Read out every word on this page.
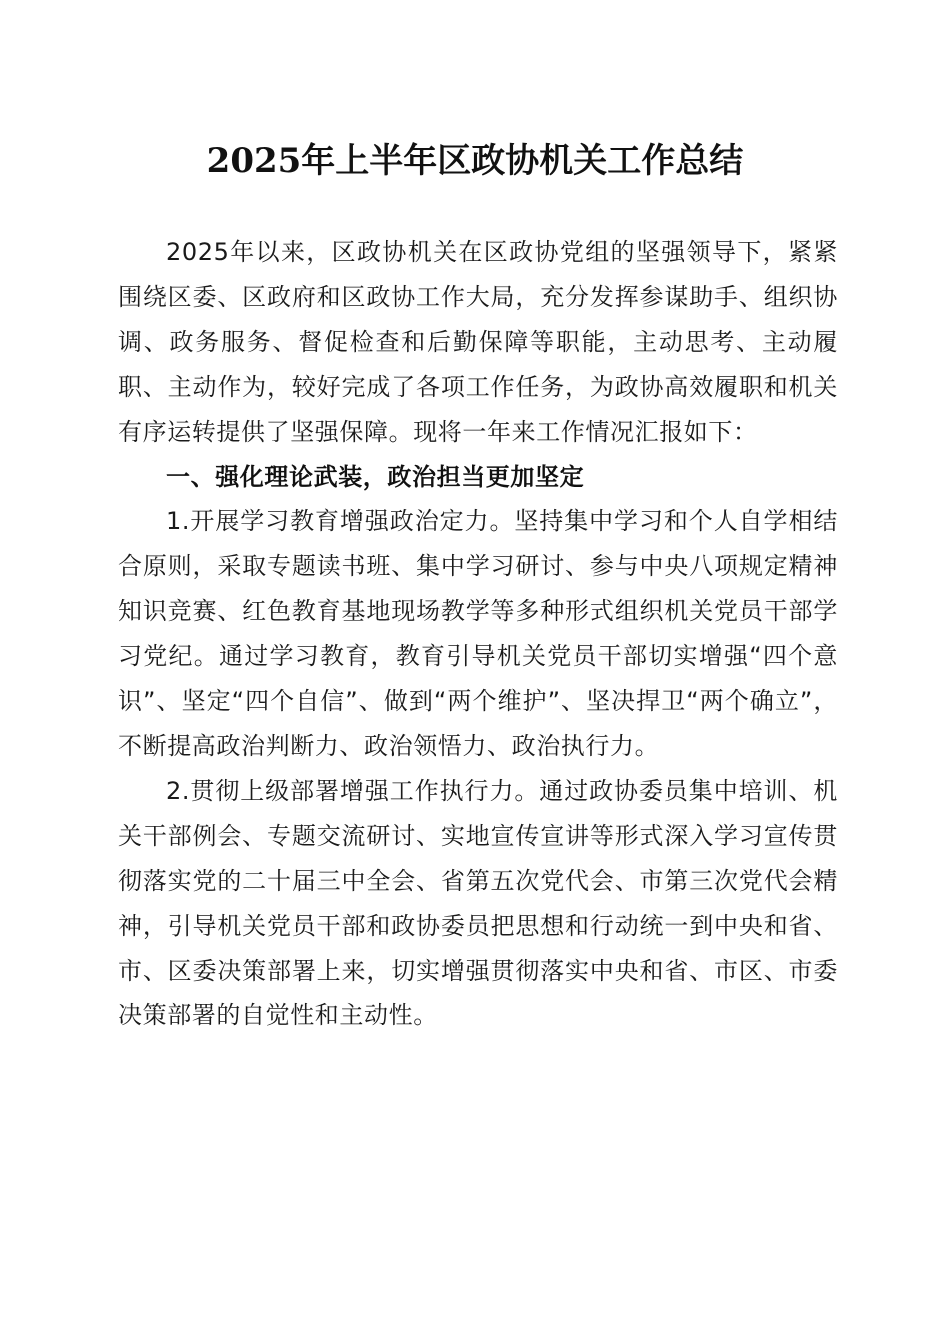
2025年上半年区政协机关工作总结

2025年以来，区政协机关在区政协党组的坚强领导下，紧紧围绕区委、区政府和区政协工作大局，充分发挥参谋助手、组织协调、政务服务、督促检查和后勤保障等职能，主动思考、主动履职、主动作为，较好完成了各项工作任务，为政协高效履职和机关有序运转提供了坚强保障。现将一年来工作情况汇报如下：

一、强化理论武装，政治担当更加坚定

1.开展学习教育增强政治定力。坚持集中学习和个人自学相结合原则，采取专题读书班、集中学习研讨、参与中央八项规定精神知识竞赛、红色教育基地现场教学等多种形式组织机关党员干部学习党纪。通过学习教育，教育引导机关党员干部切实增强“四个意识”、坚定“四个自信”、做到“两个维护”、坚决捍卫“两个确立”，不断提高政治判断力、政治领悟力、政治执行力。

2.贯彻上级部署增强工作执行力。通过政协委员集中培训、机关干部例会、专题交流研讨、实地宣传宣讲等形式深入学习宣传贯彻落实党的二十届三中全会、省第五次党代会、市第三次党代会精神，引导机关党员干部和政协委员把思想和行动统一到中央和省、市、区委决策部署上来，切实增强贯彻落实中央和省、市区、市委决策部署的自觉性和主动性。
